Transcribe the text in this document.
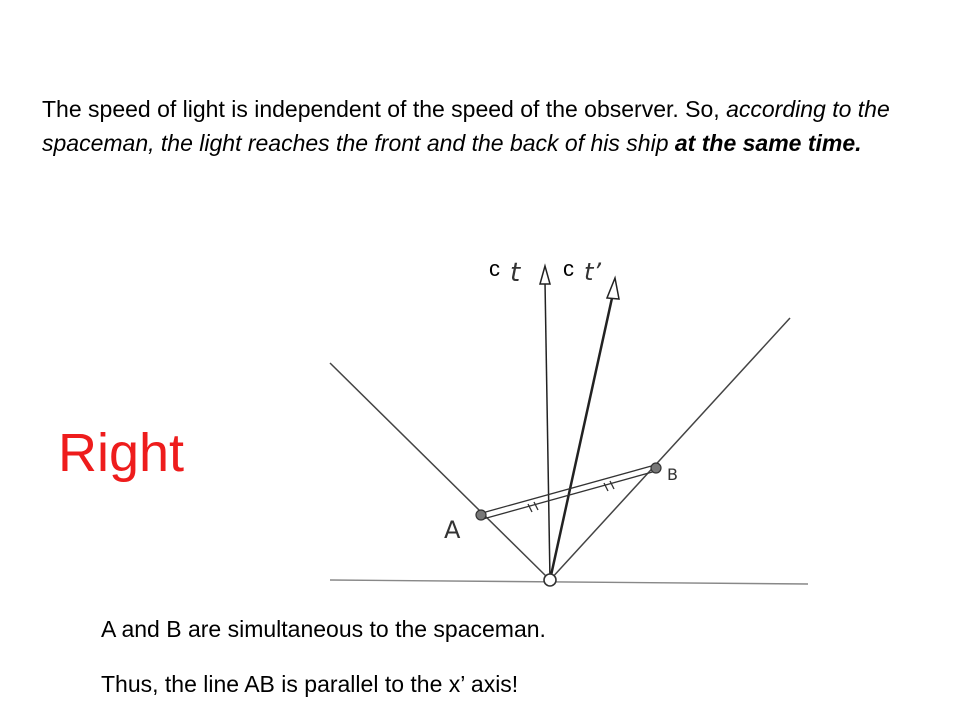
The speed of light is independent of the speed of the observer. So, according to the spaceman, the light reaches the front and the back of his ship at the same time.
Right
c t c t’
A
B
A and B are simultaneous to the spaceman.
Thus, the line AB is parallel to the x’ axis!
